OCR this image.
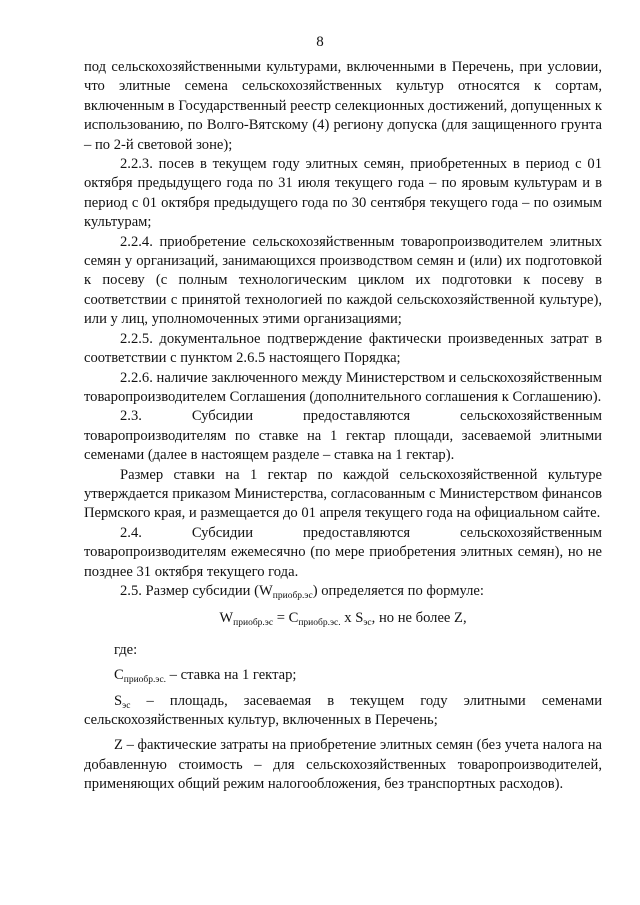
8

под сельскохозяйственными культурами, включенными в Перечень, при условии, что элитные семена сельскохозяйственных культур относятся к сортам, включенным в Государственный реестр селекционных достижений, допущенных к использованию, по Волго-Вятскому (4) региону допуска (для защищенного грунта – по 2-й световой зоне);

2.2.3. посев в текущем году элитных семян, приобретенных в период с 01 октября предыдущего года по 31 июля текущего года – по яровым культурам и в период с 01 октября предыдущего года по 30 сентября текущего года – по озимым культурам;

2.2.4. приобретение сельскохозяйственным товаропроизводителем элитных семян у организаций, занимающихся производством семян и (или) их подготовкой к посеву (с полным технологическим циклом их подготовки к посеву в соответствии с принятой технологией по каждой сельскохозяйственной культуре), или у лиц, уполномоченных этими организациями;

2.2.5. документальное подтверждение фактически произведенных затрат в соответствии с пунктом 2.6.5 настоящего Порядка;

2.2.6. наличие заключенного между Министерством и сельскохозяйственным товаропроизводителем Соглашения (дополнительного соглашения к Соглашению).

2.3. Субсидии предоставляются сельскохозяйственным товаропроизводителям по ставке на 1 гектар площади, засеваемой элитными семенами (далее в настоящем разделе – ставка на 1 гектар).

Размер ставки на 1 гектар по каждой сельскохозяйственной культуре утверждается приказом Министерства, согласованным с Министерством финансов Пермского края, и размещается до 01 апреля текущего года на официальном сайте.

2.4. Субсидии предоставляются сельскохозяйственным товаропроизводителям ежемесячно (по мере приобретения элитных семян), но не позднее 31 октября текущего года.

2.5. Размер субсидии $(W_{приобр.эс})$ определяется по формуле:

$W_{приобр.эс} = C_{приобр.эс.}$ x $S_{эс}$, но не более Z,

где:

$С_{приобр.эс.}$ – ставка на 1 гектар;

$S_{эс}$ – площадь, засеваемая в текущем году элитными семенами сельскохозяйственных культур, включенных в Перечень;

Z – фактические затраты на приобретение элитных семян (без учета налога на добавленную стоимость – для сельскохозяйственных товаропроизводителей, применяющих общий режим налогообложения, без транспортных расходов).
